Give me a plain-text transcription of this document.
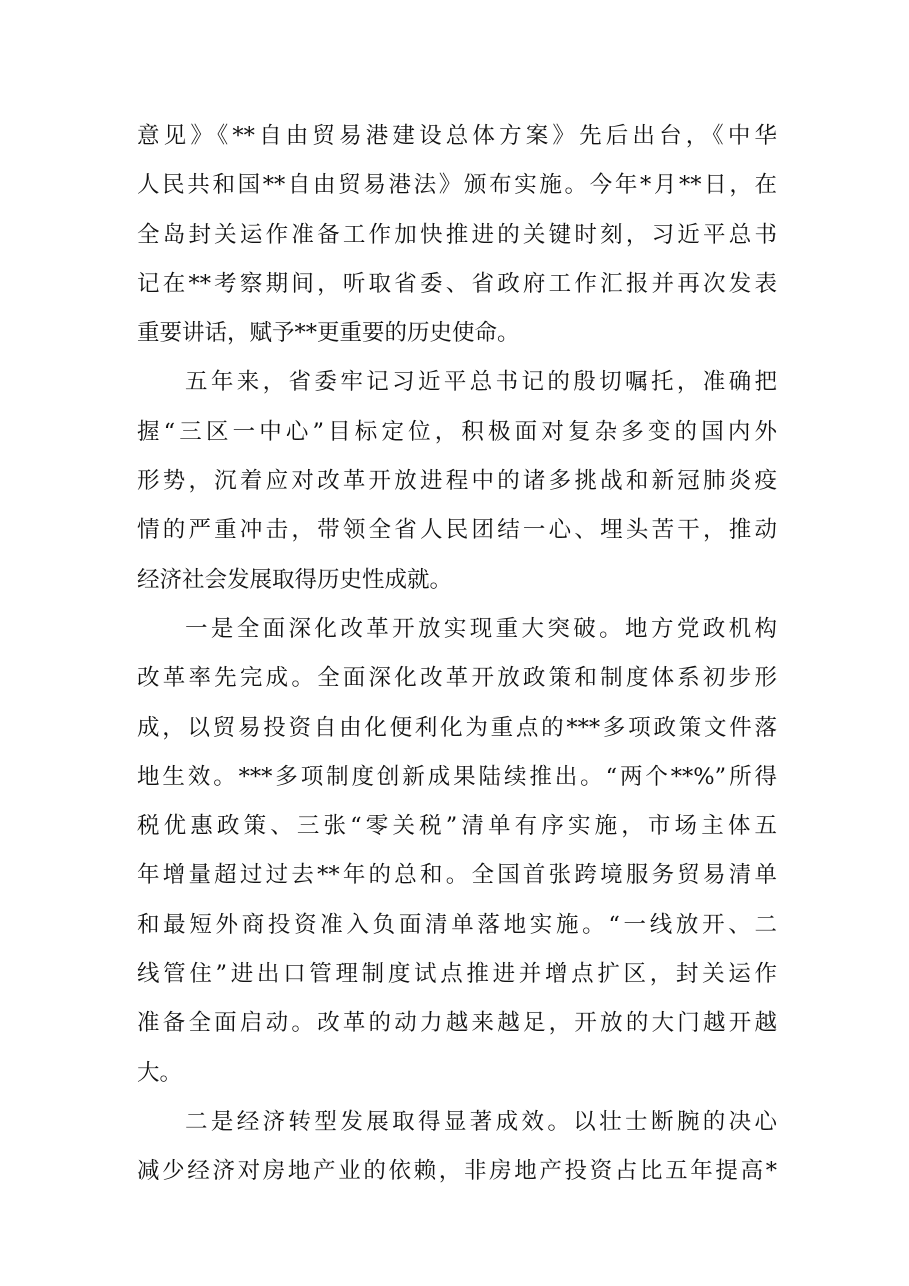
意见》《**自由贸易港建设总体方案》先后出台，《中华
人民共和国**自由贸易港法》颁布实施。今年*月**日，在
全岛封关运作准备工作加快推进的关键时刻，习近平总书
记在**考察期间，听取省委、省政府工作汇报并再次发表
重要讲话，赋予**更重要的历史使命。

五年来，省委牢记习近平总书记的殷切嘱托，准确把
握“三区一中心”目标定位，积极面对复杂多变的国内外
形势，沉着应对改革开放进程中的诸多挑战和新冠肺炎疫
情的严重冲击，带领全省人民团结一心、埋头苦干，推动
经济社会发展取得历史性成就。

一是全面深化改革开放实现重大突破。地方党政机构
改革率先完成。全面深化改革开放政策和制度体系初步形
成，以贸易投资自由化便利化为重点的***多项政策文件落
地生效。***多项制度创新成果陆续推出。“两个**%”所得
税优惠政策、三张“零关税”清单有序实施，市场主体五
年增量超过过去**年的总和。全国首张跨境服务贸易清单
和最短外商投资准入负面清单落地实施。“一线放开、二
线管住”进出口管理制度试点推进并增点扩区，封关运作
准备全面启动。改革的动力越来越足，开放的大门越开越
大。

二是经济转型发展取得显著成效。以壮士断腕的决心
减少经济对房地产业的依赖，非房地产投资占比五年提高*
